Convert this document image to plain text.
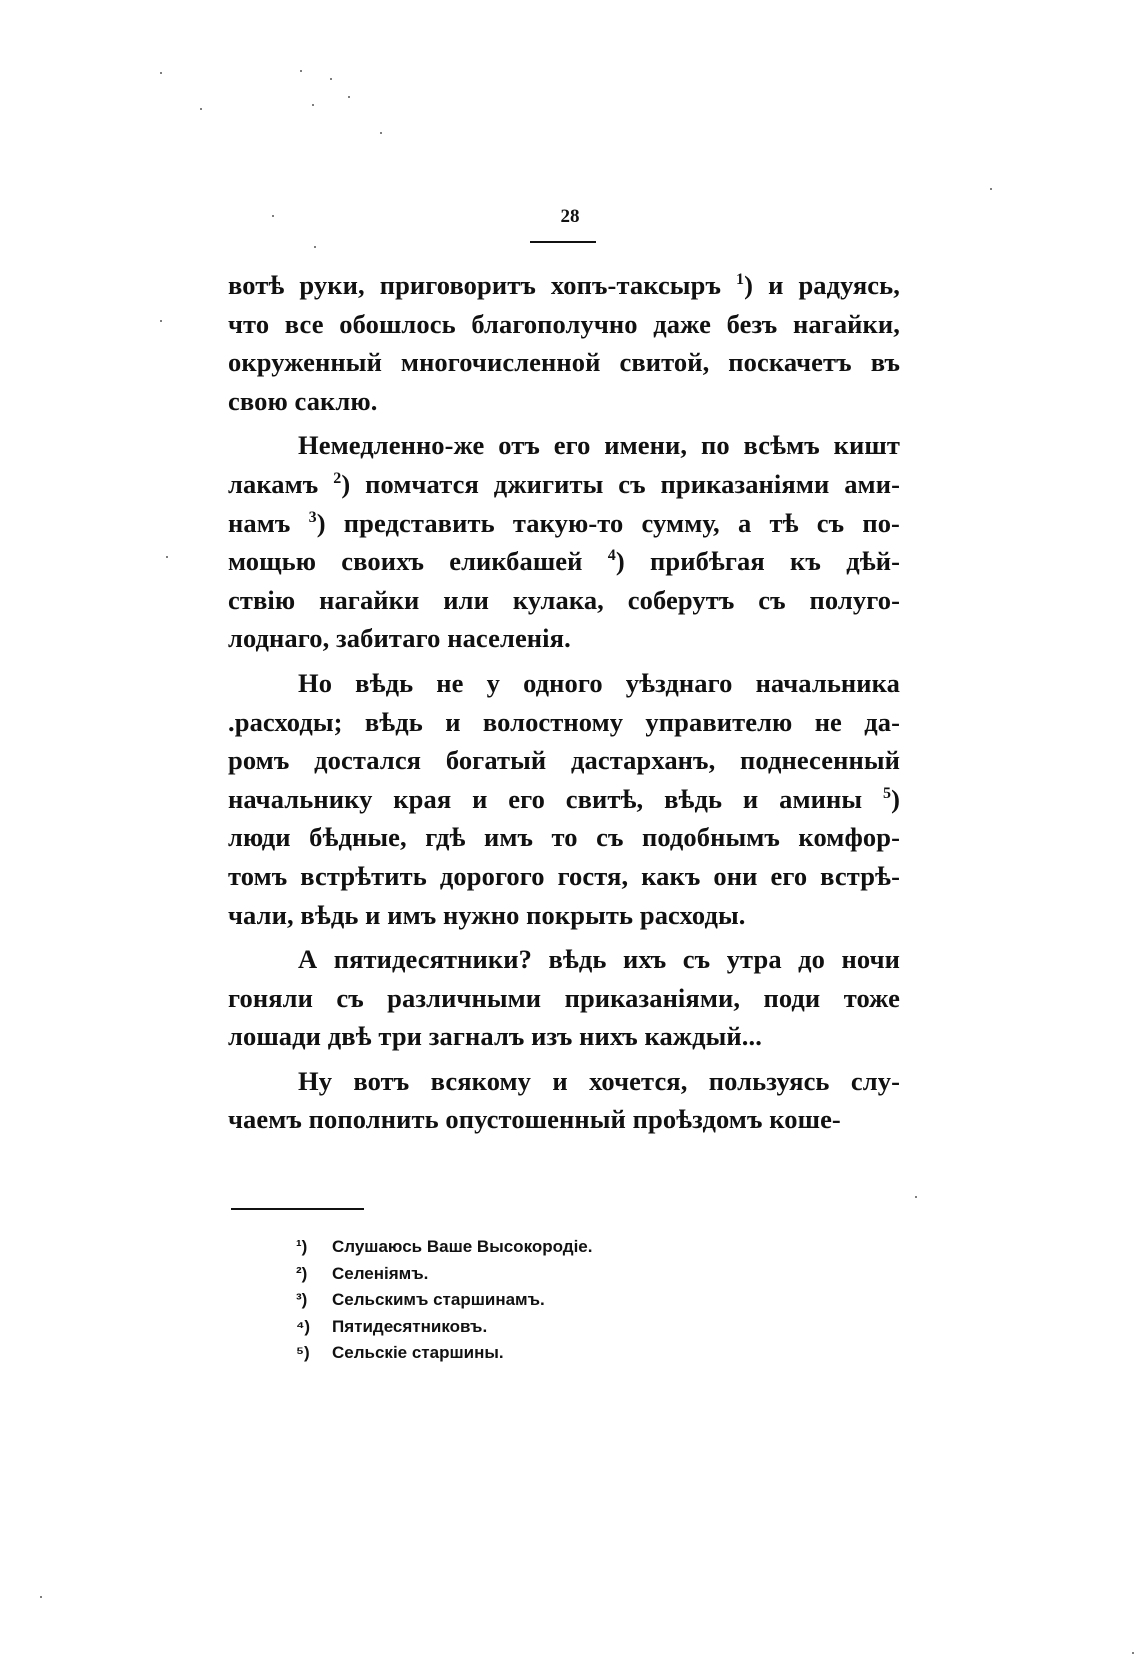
28
вотѣ руки, приговоритъ хопъ-таксыръ $^1$) и радуясь,
что все обошлось благополучно даже безъ нагайки,
окруженный многочисленной свитой, поскачетъ въ
свою саклю.
Немедленно-же отъ его имени, по всѣмъ кишт
лакамъ $^2$) помчатся джигиты съ приказаніями ами-
намъ $^3$) представить такую-то сумму, а тѣ съ по-
мощью своихъ еликбашей $^4$) прибѣгая къ дѣй-
ствію нагайки или кулака, соберутъ съ полуго-
лоднаго, забитаго населенія.
Но вѣдь не у одного уѣзднаго начальника
.расходы; вѣдь и волостному управителю не да-
ромъ достался богатый дастарханъ, поднесенный
начальнику края и его свитѣ, вѣдь и амины $^5$)
люди бѣдные, гдѣ имъ то съ подобнымъ комфор-
томъ встрѣтить дорогого гостя, какъ они его встрѣ-
чали, вѣдь и имъ нужно покрыть расходы.
А пятидесятники? вѣдь ихъ съ утра до ночи
гоняли съ различными приказаніями, поди тоже
лошади двѣ три загналъ изъ нихъ каждый...
Ну вотъ всякому и хочется, пользуясь слу-
чаемъ пополнить опустошенный проѣздомъ коше-
¹) Слушаюсь Ваше Высокородіе.
²) Селеніямъ.
³) Сельскимъ старшинамъ.
⁴) Пятидесятниковъ.
⁵) Сельскіе старшины.
